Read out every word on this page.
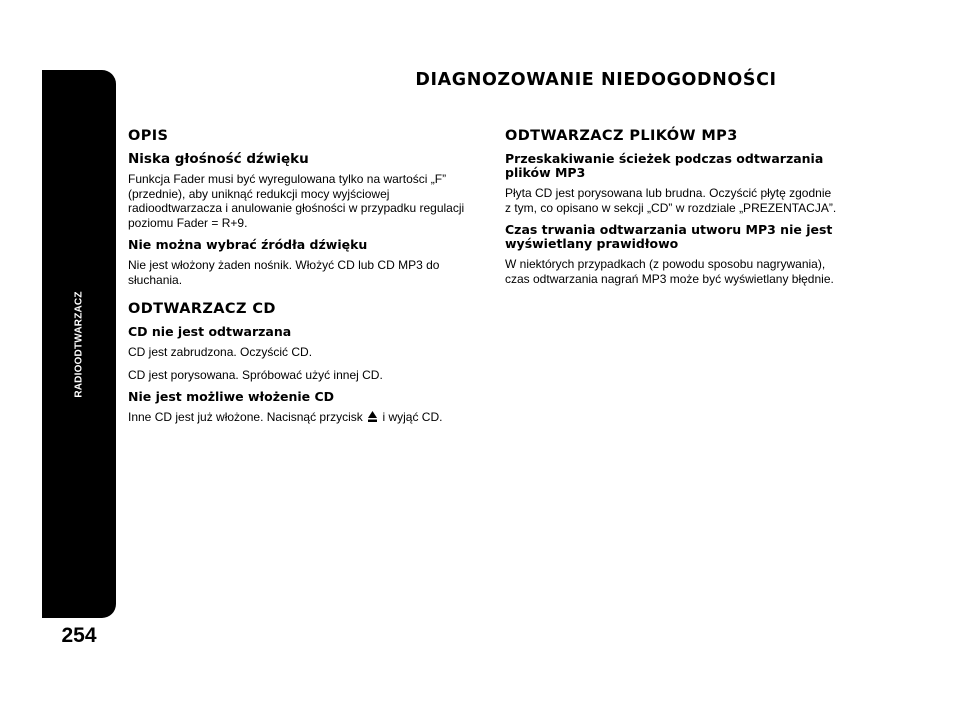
RADIOODTWARZACZ
254
DIAGNOZOWANIE NIEDOGODNOŚCI
OPIS
Niska głośność dźwięku
Funkcja Fader musi być wyregulowana tylko na wartości „F” (przednie), aby uniknąć redukcji mocy wyjściowej radioodtwarzacza i anulowanie głośności w przypadku regulacji poziomu Fader = R+9.
Nie można wybrać źródła dźwięku
Nie jest włożony żaden nośnik. Włożyć CD lub CD MP3 do słuchania.
ODTWARZACZ CD
CD nie jest odtwarzana
CD jest zabrudzona. Oczyścić CD.
CD jest porysowana. Spróbować użyć innej CD.
Nie jest możliwe włożenie CD
Inne CD jest już włożone. Nacisnąć przycisk i wyjąć CD.
ODTWARZACZ PLIKÓW MP3
Przeskakiwanie ścieżek podczas odtwarzania
plików MP3
Płyta CD jest porysowana lub brudna. Oczyścić płytę zgodnie
z tym, co opisano w sekcji „CD” w rozdziale „PREZENTACJA”.
Czas trwania odtwarzania utworu MP3 nie jest
wyświetlany prawidłowo
W niektórych przypadkach (z powodu sposobu nagrywania),
czas odtwarzania nagrań MP3 może być wyświetlany błędnie.
